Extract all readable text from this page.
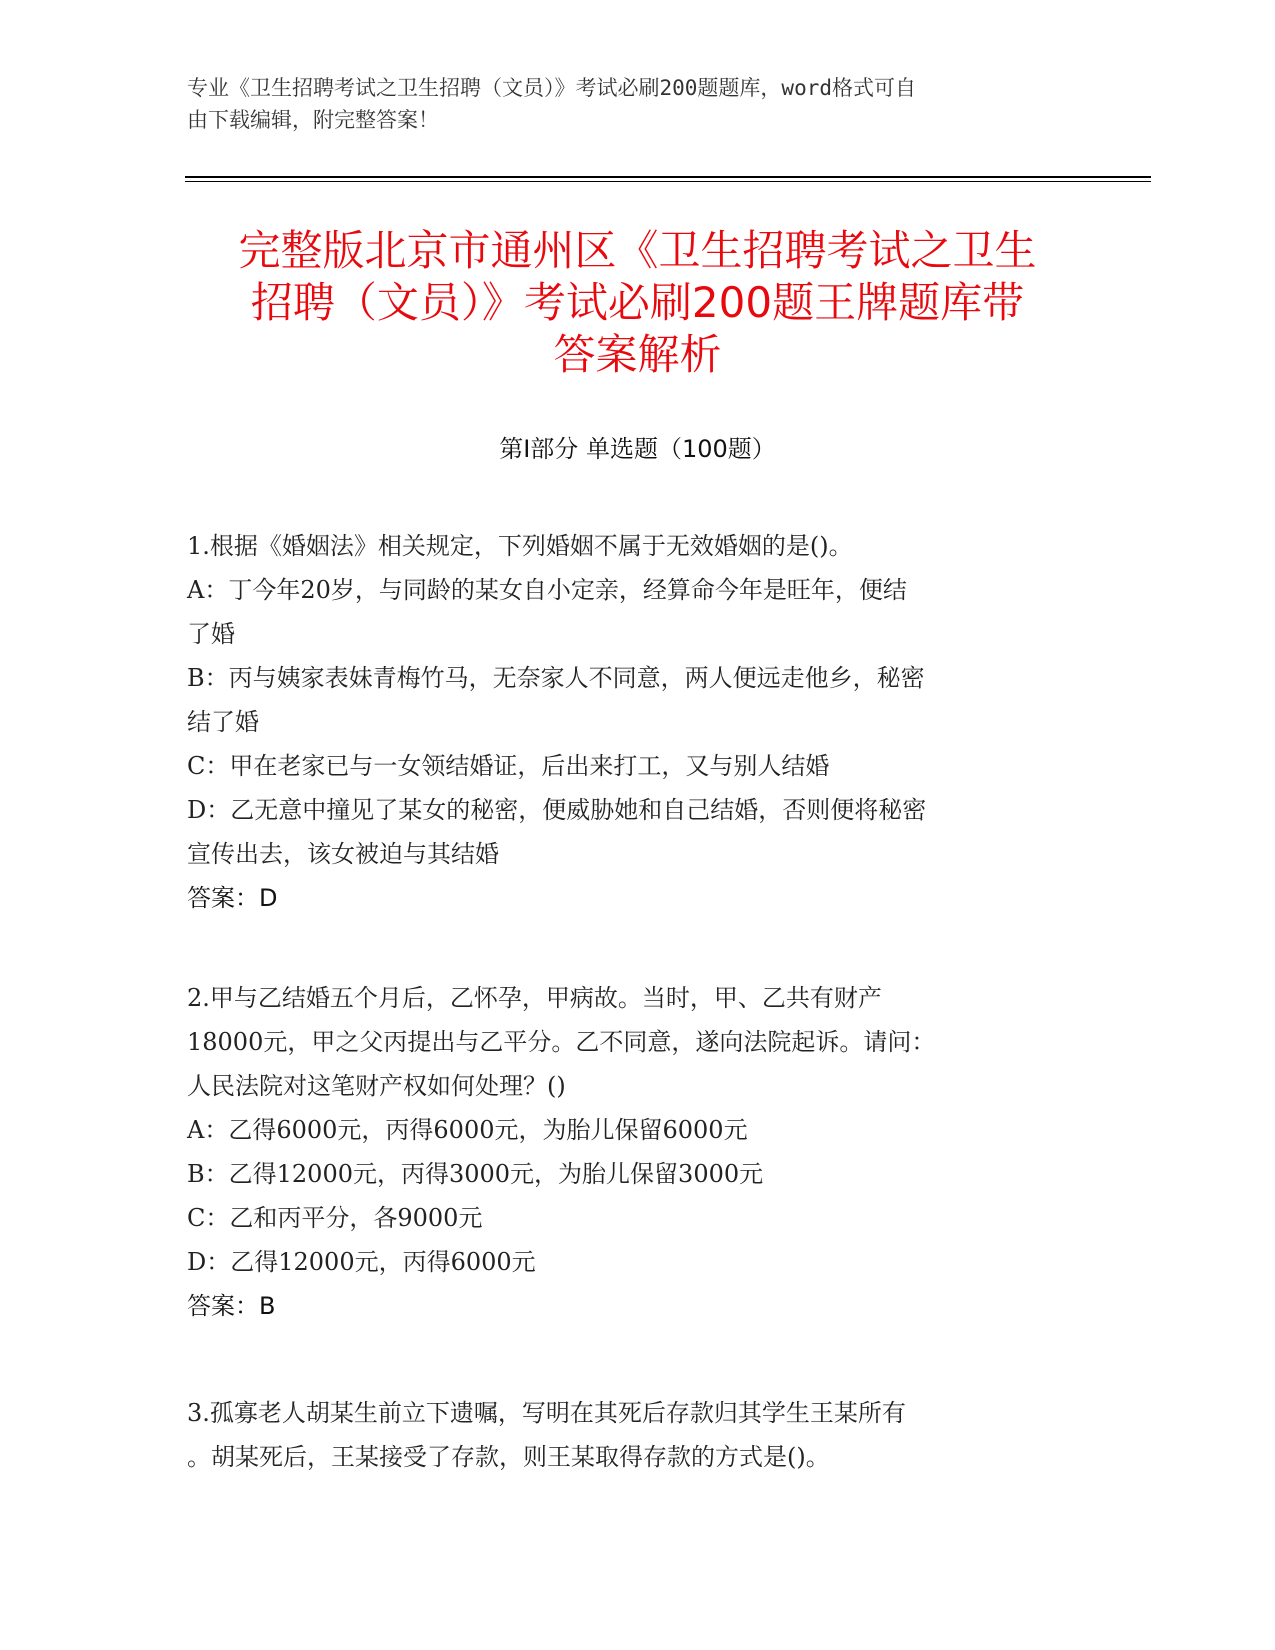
专业《卫生招聘考试之卫生招聘（文员）》考试必刷200题题库，word格式可自
由下载编辑，附完整答案！
完整版北京市通州区《卫生招聘考试之卫生
招聘（文员）》考试必刷200题王牌题库带
答案解析
第Ⅰ部分 单选题（100题）
1.根据《婚姻法》相关规定，下列婚姻不属于无效婚姻的是()。
A：丁今年20岁，与同龄的某女自小定亲，经算命今年是旺年，便结
了婚
B：丙与姨家表妹青梅竹马，无奈家人不同意，两人便远走他乡，秘密
结了婚
C：甲在老家已与一女领结婚证，后出来打工，又与别人结婚
D：乙无意中撞见了某女的秘密，便威胁她和自己结婚，否则便将秘密
宣传出去，该女被迫与其结婚
答案：D
2.甲与乙结婚五个月后，乙怀孕，甲病故。当时，甲、乙共有财产
18000元，甲之父丙提出与乙平分。乙不同意，遂向法院起诉。请问：
人民法院对这笔财产权如何处理？()
A：乙得6000元，丙得6000元，为胎儿保留6000元
B：乙得12000元，丙得3000元，为胎儿保留3000元
C：乙和丙平分，各9000元
D：乙得12000元，丙得6000元
答案：B
3.孤寡老人胡某生前立下遗嘱，写明在其死后存款归其学生王某所有
。胡某死后，王某接受了存款，则王某取得存款的方式是()。
